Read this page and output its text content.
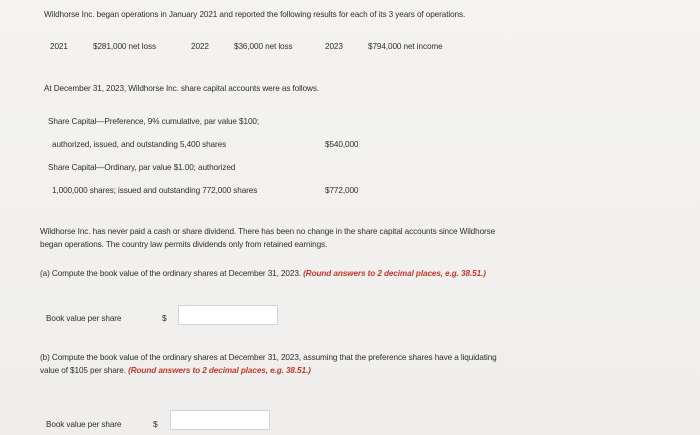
Wildhorse Inc. began operations in January 2021 and reported the following results for each of its 3 years of operations.
2021	$281,000 net loss	2022	$36,000 net loss	2023	$794,000 net income
At December 31, 2023, Wildhorse Inc. share capital accounts were as follows.
Share Capital—Preference, 9% cumulative, par value $100;
authorized, issued, and outstanding 5,400 shares	$540,000
Share Capital—Ordinary, par value $1.00; authorized
1,000,000 shares; issued and outstanding 772,000 shares	$772,000
Wildhorse Inc. has never paid a cash or share dividend. There has been no change in the share capital accounts since Wildhorse
began operations. The country law permits dividends only from retained earnings.
(a) Compute the book value of the ordinary shares at December 31, 2023. (Round answers to 2 decimal places, e.g. 38.51.)
Book value per share	$
(b) Compute the book value of the ordinary shares at December 31, 2023, assuming that the preference shares have a liquidating
value of $105 per share. (Round answers to 2 decimal places, e.g. 38.51.)
Book value per share	$
